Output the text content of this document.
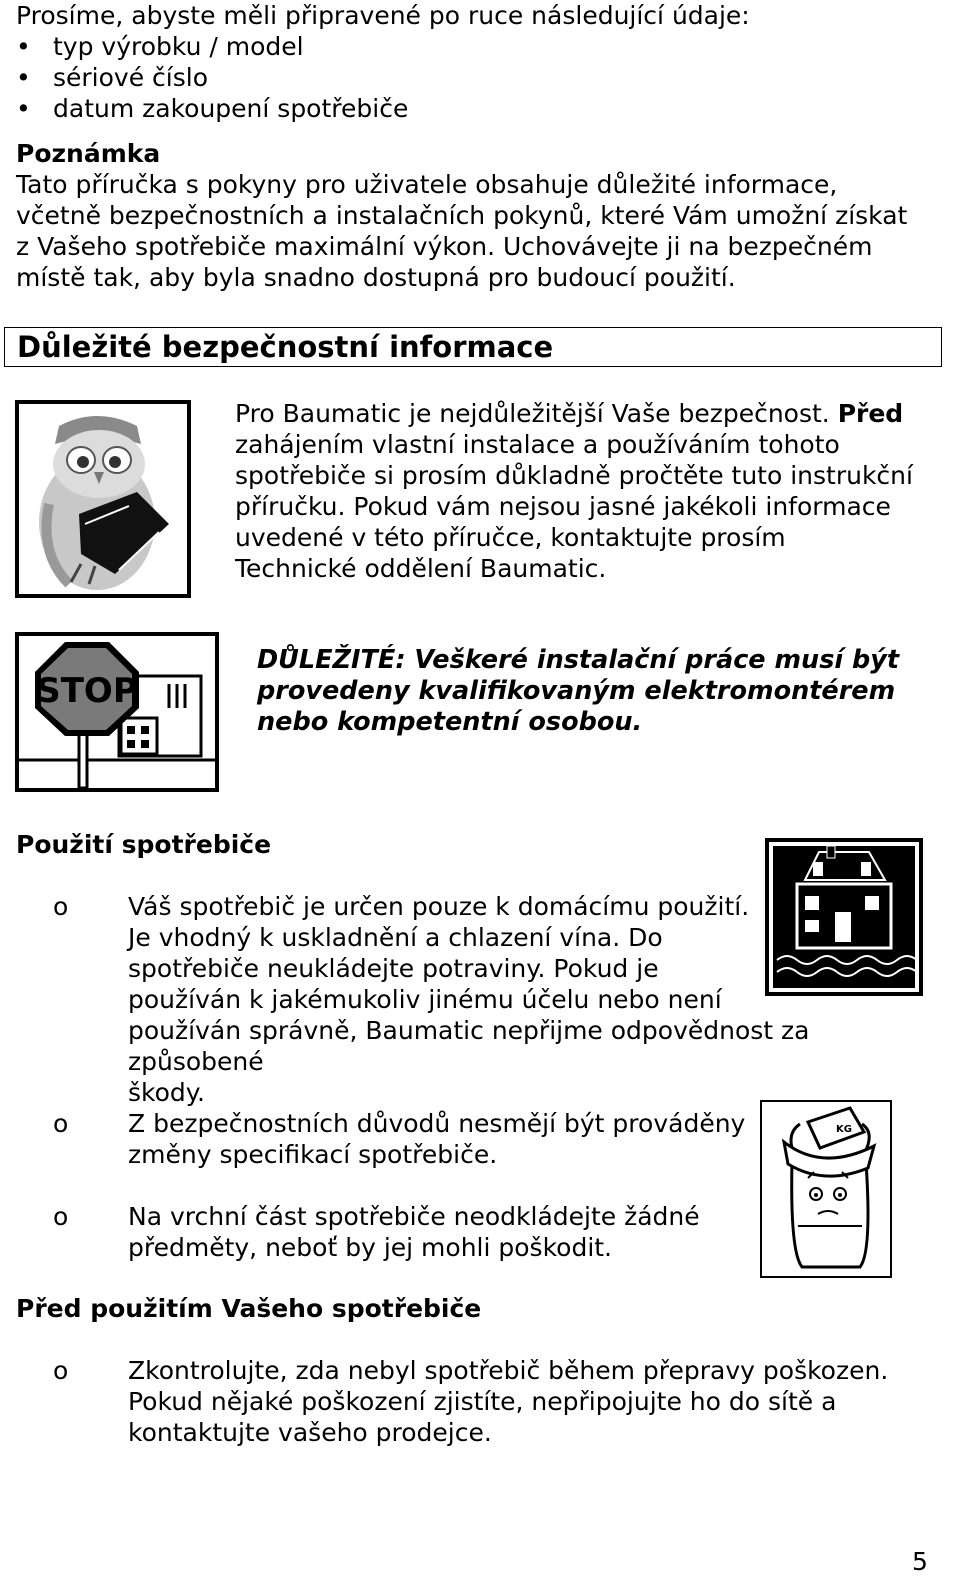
Prosíme, abyste měli připravené po ruce následující údaje:

• typ výrobku / model
• sériové číslo
• datum zakoupení spotřebiče

Poznámka

Tato příručka s pokyny pro uživatele obsahuje důležité informace,

včetně bezpečnostních a instalačních pokynů, které Vám umožní získat

z Vašeho spotřebiče maximální výkon. Uchovávejte ji na bezpečném

místě tak, aby byla snadno dostupná pro budoucí použití.

Důležité bezpečnostní informace

Pro Baumatic je nejdůležitější Vaše bezpečnost. Před

zahájením vlastní instalace a používáním tohoto

spotřebiče si prosím důkladně pročtěte tuto instrukční

příručku. Pokud vám nejsou jasné jakékoli informace

uvedené v této příručce, kontaktujte prosím

Technické oddělení Baumatic.

STOP

DŮLEŽITÉ: Veškeré instalační práce musí být

provedeny kvalifikovaným elektromontérem

nebo kompetentní osobou.

Použití spotřebiče

o Váš spotřebič je určen pouze k domácímu použití.

Je vhodný k uskladnění a chlazení vína. Do

spotřebiče neukládejte potraviny. Pokud je

používán k jakémukoliv jinému účelu nebo není

používán správně, Baumatic nepřijme odpovědnost za způsobené

škody.

KG
o Z bezpečnostních důvodů nesmějí být prováděny

změny specifikací spotřebiče.

o Na vrchní část spotřebiče neodkládejte žádné

předměty, neboť by jej mohli poškodit.

Před použitím Vašeho spotřebiče

o Zkontrolujte, zda nebyl spotřebič během přepravy poškozen.

Pokud nějaké poškození zjistíte, nepřipojujte ho do sítě a

kontaktujte vašeho prodejce.

5
